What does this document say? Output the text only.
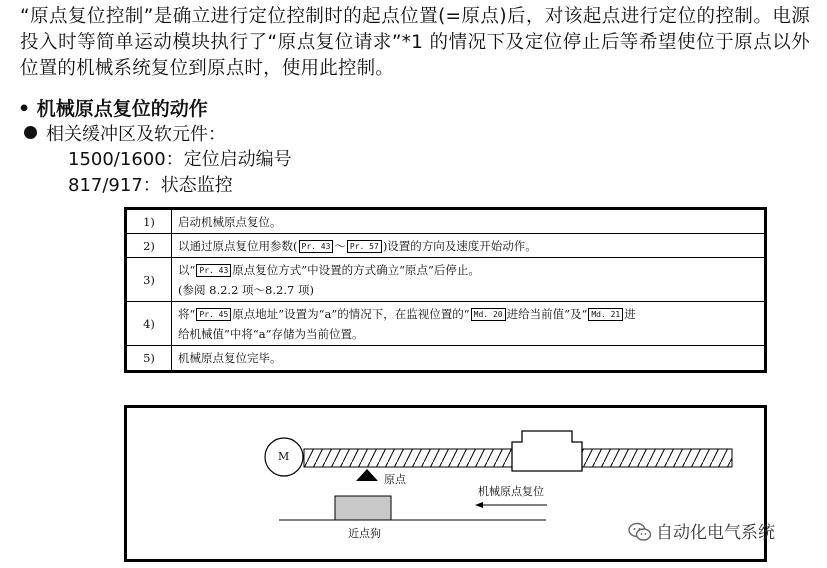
“原点复位控制”是确立进行定位控制时的起点位置(=原点)后，对该起点进行定位的控制。电源投入时等简单运动模块执行了“原点复位请求”*1 的情况下及定位停止后等希望使位于原点以外位置的机械系统复位到原点时，使用此控制。
• 机械原点复位的动作
相关缓冲区及软元件：
1500/1600：定位启动编号
817/917：状态监控
1)	启动机械原点复位。
2)	以通过原点复位用参数( Pr. 43 ～ Pr. 57 )设置的方向及速度开始动作。
3)	以“ Pr. 43 原点复位方式”中设置的方式确立“原点”后停止。
(参阅 8.2.2 项～8.2.7 项)

4)	将“ Pr. 45 原点地址”设置为“a”的情况下，在监视位置的“ Md. 20 进给当前值”及“ Md. 21 进
给机械值”中将“a”存储为当前位置。

5)	机械原点复位完毕。
M
原点
机械原点复位
近点狗	自动化电气系统
